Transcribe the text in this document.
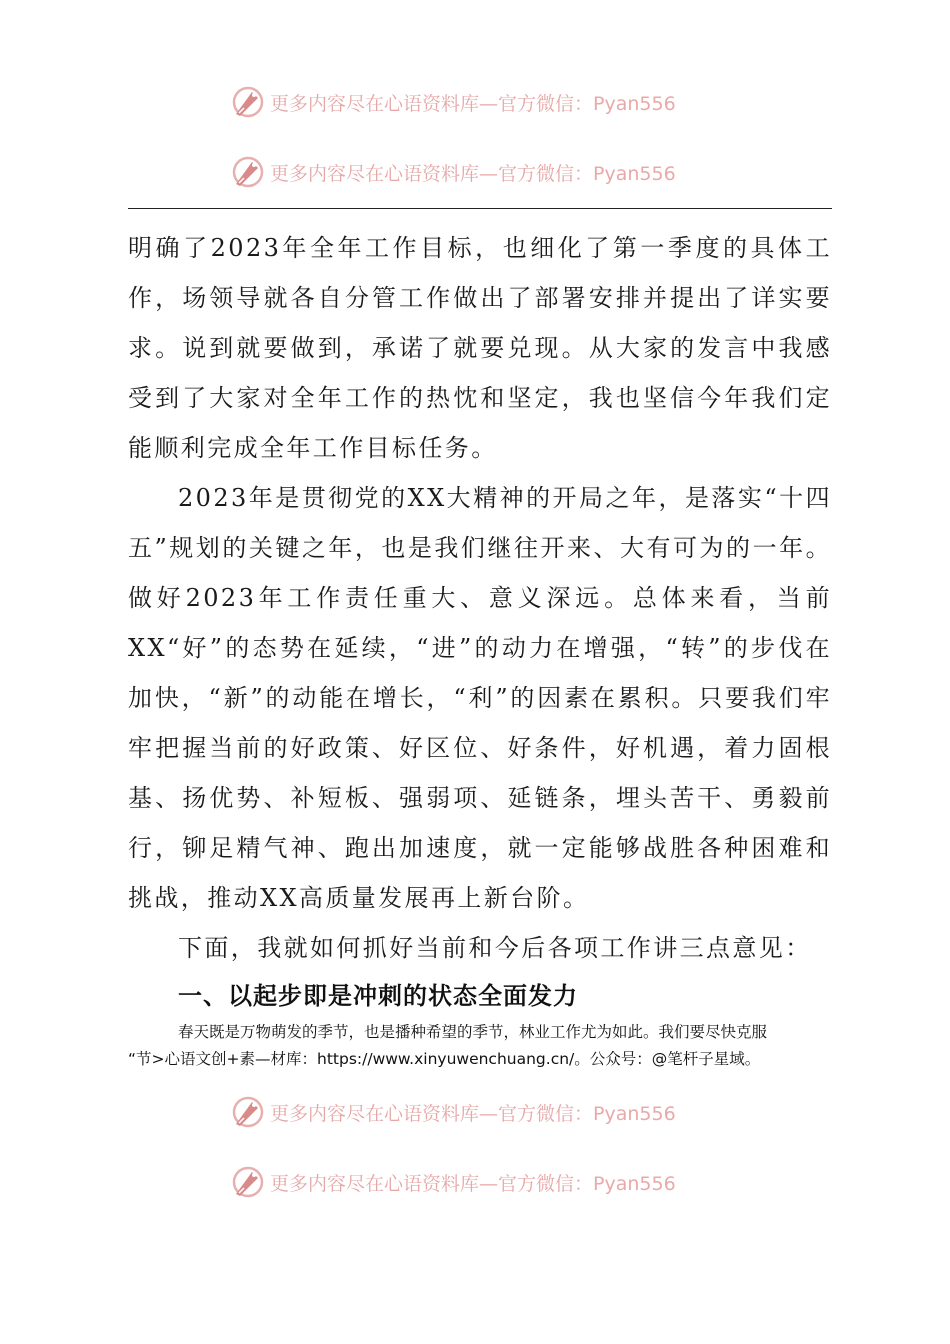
更多内容尽在心语资料库—官方微信：Pyan556
更多内容尽在心语资料库—官方微信：Pyan556

明确了2023年全年工作目标，也细化了第一季度的具体工作，场领导就各自分管工作做出了部署安排并提出了详实要求。说到就要做到，承诺了就要兑现。从大家的发言中我感受到了大家对全年工作的热忱和坚定，我也坚信今年我们定能顺利完成全年工作目标任务。

2023年是贯彻党的XX大精神的开局之年，是落实“十四五”规划的关键之年，也是我们继往开来、大有可为的一年。做好2023年工作责任重大、意义深远。总体来看，当前XX“好”的态势在延续，“进”的动力在增强，“转”的步伐在加快，“新”的动能在增长，“利”的因素在累积。只要我们牢牢把握当前的好政策、好区位、好条件，好机遇，着力固根基、扬优势、补短板、强弱项、延链条，埋头苦干、勇毅前行，铆足精气神、跑出加速度，就一定能够战胜各种困难和挑战，推动XX高质量发展再上新台阶。

下面，我就如何抓好当前和今后各项工作讲三点意见：

一、以起步即是冲刺的状态全面发力

春天既是万物萌发的季节，也是播种希望的季节，林业工作尤为如此。我们要尽快克服

“节>心语文创+素—材库：https://www.xinyuwenchuang.cn/。公众号：@笔杆子星域。

更多内容尽在心语资料库—官方微信：Pyan556
更多内容尽在心语资料库—官方微信：Pyan556
